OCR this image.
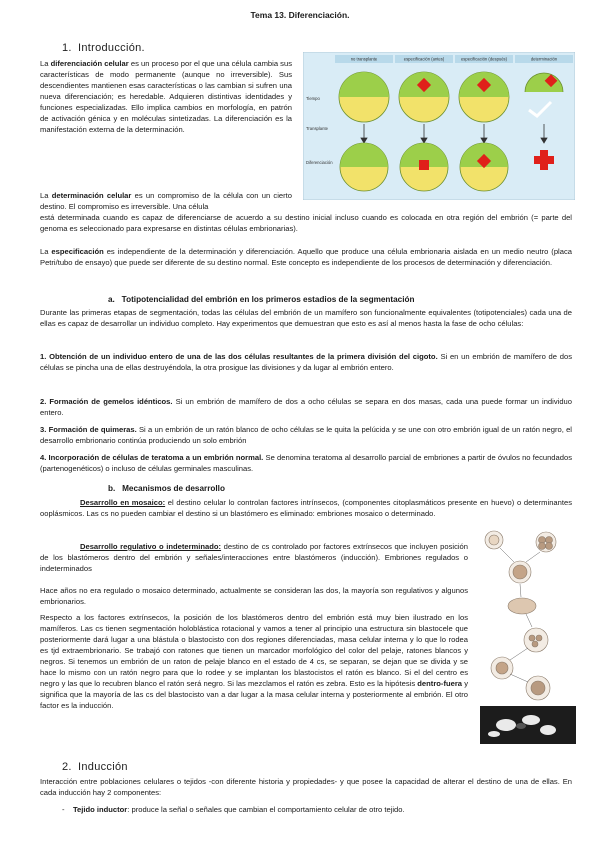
Tema 13. Diferenciación.
1. Introducción.

La diferenciación celular es un proceso por el que una célula cambia sus características de modo permanente (aunque no irreversible). Sus descendientes mantienen esas características o las cambian si sufren una nueva diferenciación; es heredable. Adquieren distintivas identidades y funciones especializadas. Ello implica cambios en morfología, en patrón de activación génica y en moléculas sintetizadas. La diferenciación es la manifestación externa de la determinación.

La determinación celular es un compromiso de la célula con un cierto destino. El compromiso es irreversible. Una célula

está determinada cuando es capaz de diferenciarse de acuerdo a su destino inicial incluso cuando es colocada en otra región del embrión (= parte del genoma es seleccionado para expresarse en distintas células embrionarias).

La especificación es independiente de la determinación y diferenciación. Aquello que produce una célula embrionaria aislada en un medio neutro (placa Petri/tubo de ensayo) que puede ser diferente de su destino normal. Este concepto es independiente de los procesos de determinación y diferenciación.

no transplante	especificación (antes)	especificación (después)	determinación
Tiempo
Transplante
Diferenciación
a. Totipotencialidad del embrión en los primeros estadios de la segmentación

Durante las primeras etapas de segmentación, todas las células del embrión de un mamífero son funcionalmente equivalentes (totipotenciales) cada una de ellas es capaz de desarrollar un individuo completo. Hay experimentos que demuestran que esto es así al menos hasta la fase de ocho células:

1. Obtención de un individuo entero de una de las dos células resultantes de la primera división del cigoto. Si en un embrión de mamífero de dos células se pincha una de ellas destruyéndola, la otra prosigue las divisiones y da lugar al embrión entero.

2. Formación de gemelos idénticos. Si un embrión de mamífero de dos a ocho células se separa en dos masas, cada una puede formar un individuo entero.

3. Formación de quimeras. Si a un embrión de un ratón blanco de ocho células se le quita la pelúcida y se une con otro embrión igual de un ratón negro, el desarrollo embrionario continúa produciendo un solo embrión

4. Incorporación de células de teratoma a un embrión normal. Se denomina teratoma al desarrollo parcial de embriones a partir de óvulos no fecundados (partenogenéticos) o incluso de células germinales masculinas.

b. Mecanismos de desarrollo

Desarrollo en mosaico: el destino celular lo controlan factores intrínsecos, (componentes citoplasmáticos presente en huevo) o determinantes ooplásmicos. Las cs no pueden cambiar el destino si un blastómero es eliminado: embriones mosaico o determinado.

Desarrollo regulativo o indeterminado: destino de cs controlado por factores extrínsecos que incluyen posición de los blastómeros dentro del embrión y señales/interacciones entre blastómeros (inducción). Embriones regulados o indeterminados

Hace años no era regulado o mosaico determinado, actualmente se consideran las dos, la mayoría son regulativos y algunos embrionarios.

Respecto a los factores extrínsecos, la posición de los blastómeros dentro del embrión está muy bien ilustrado en los mamíferos. Las cs tienen segmentación holoblástica rotacional y vamos a tener al principio una estructura sin blastocele que posteriormente dará lugar a una blástula o blastocisto con dos regiones diferenciadas, masa celular interna y lo que lo rodea es tjd extraembrionario. Se trabajó con ratones que tienen un marcador morfológico del color del pelaje, ratones blancos y negros. Si tenemos un embrión de un raton de pelaje blanco en el estado de 4 cs, se separan, se dejan que se divida y se hace lo mismo con un ratón negro para que lo rodee y se implantan los blastocistos el ratón es blanco. Si el del centro es negro y las que lo recubren blanco el ratón será negro. Si las mezclamos el ratón es zebra. Esto es la hipótesis dentro-fuera y significa que la mayoría de las cs del blastocisto van a dar lugar a la masa celular interna y posteriormente al embrión. El otro factor es la inducción.

2. Inducción

Interacción entre poblaciones celulares o tejidos -con diferente historia y propiedades- y que posee la capacidad de alterar el destino de una de ellas. En cada inducción hay 2 componentes:

- Tejido inductor: produce la señal o señales que cambian el comportamiento celular de otro tejido.
